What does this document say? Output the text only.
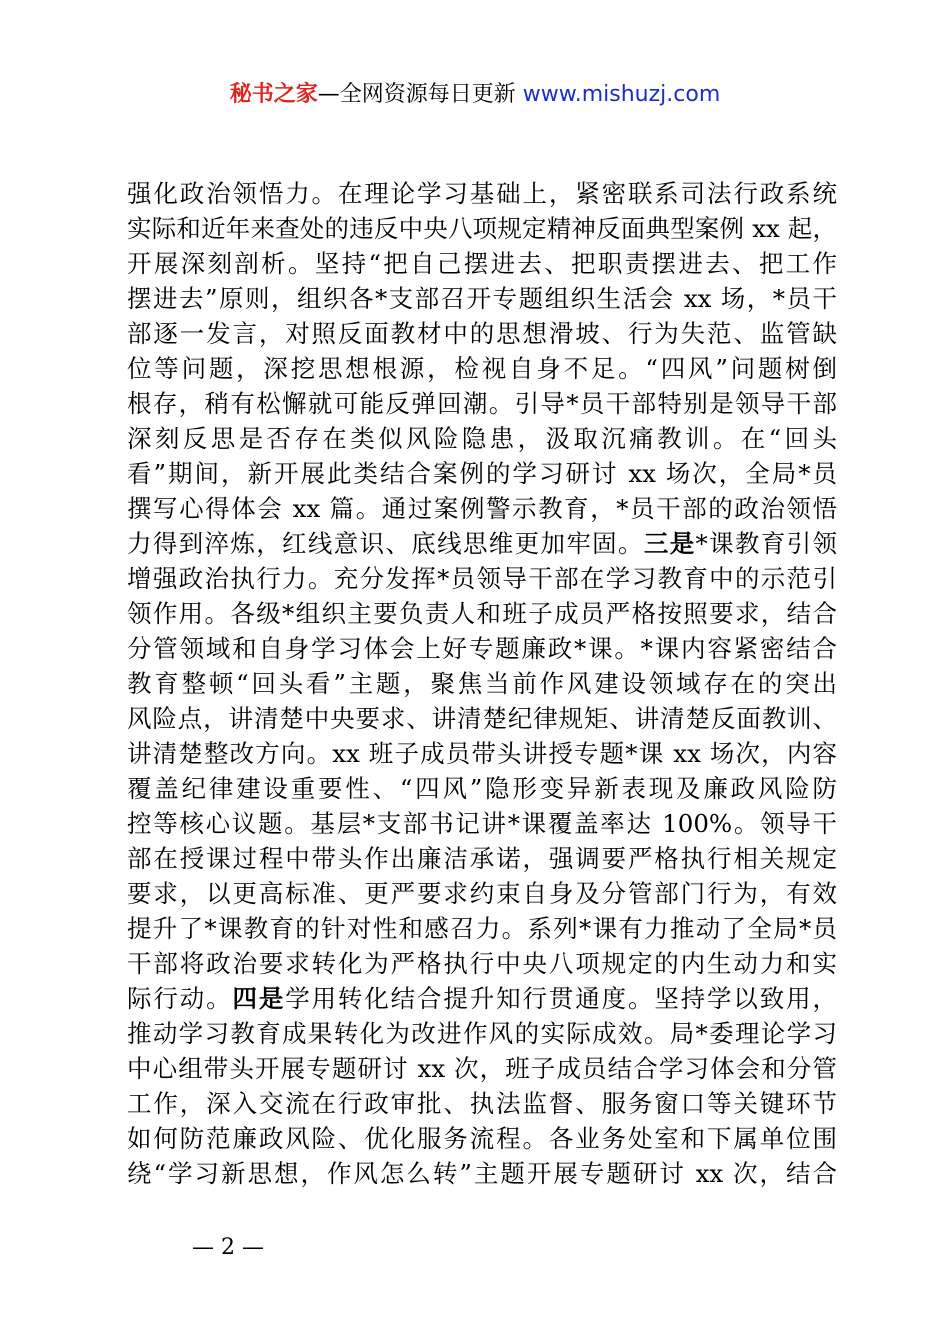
秘书之家—全网资源每日更新 www.mishuzj.com
强化政治领悟力。在理论学习基础上，紧密联系司法行政系统
实际和近年来查处的违反中央八项规定精神反面典型案例 xx 起，
开展深刻剖析。坚持“把自己摆进去、把职责摆进去、把工作
摆进去”原则，组织各*支部召开专题组织生活会 xx 场，*员干
部逐一发言，对照反面教材中的思想滑坡、行为失范、监管缺
位等问题，深挖思想根源，检视自身不足。“四风”问题树倒
根存，稍有松懈就可能反弹回潮。引导*员干部特别是领导干部
深刻反思是否存在类似风险隐患，汲取沉痛教训。在“回头
看”期间，新开展此类结合案例的学习研讨 xx 场次，全局*员
撰写心得体会 xx 篇。通过案例警示教育，*员干部的政治领悟
力得到淬炼，红线意识、底线思维更加牢固。三是*课教育引领
增强政治执行力。充分发挥*员领导干部在学习教育中的示范引
领作用。各级*组织主要负责人和班子成员严格按照要求，结合
分管领域和自身学习体会上好专题廉政*课。*课内容紧密结合
教育整顿“回头看”主题，聚焦当前作风建设领域存在的突出
风险点，讲清楚中央要求、讲清楚纪律规矩、讲清楚反面教训、
讲清楚整改方向。xx 班子成员带头讲授专题*课 xx 场次，内容
覆盖纪律建设重要性、“四风”隐形变异新表现及廉政风险防
控等核心议题。基层*支部书记讲*课覆盖率达 100%。领导干
部在授课过程中带头作出廉洁承诺，强调要严格执行相关规定
要求，以更高标准、更严要求约束自身及分管部门行为，有效
提升了*课教育的针对性和感召力。系列*课有力推动了全局*员
干部将政治要求转化为严格执行中央八项规定的内生动力和实
际行动。四是学用转化结合提升知行贯通度。坚持学以致用，
推动学习教育成果转化为改进作风的实际成效。局*委理论学习
中心组带头开展专题研讨 xx 次，班子成员结合学习体会和分管
工作，深入交流在行政审批、执法监督、服务窗口等关键环节
如何防范廉政风险、优化服务流程。各业务处室和下属单位围
绕“学习新思想，作风怎么转”主题开展专题研讨 xx 次，结合
— 2 —
